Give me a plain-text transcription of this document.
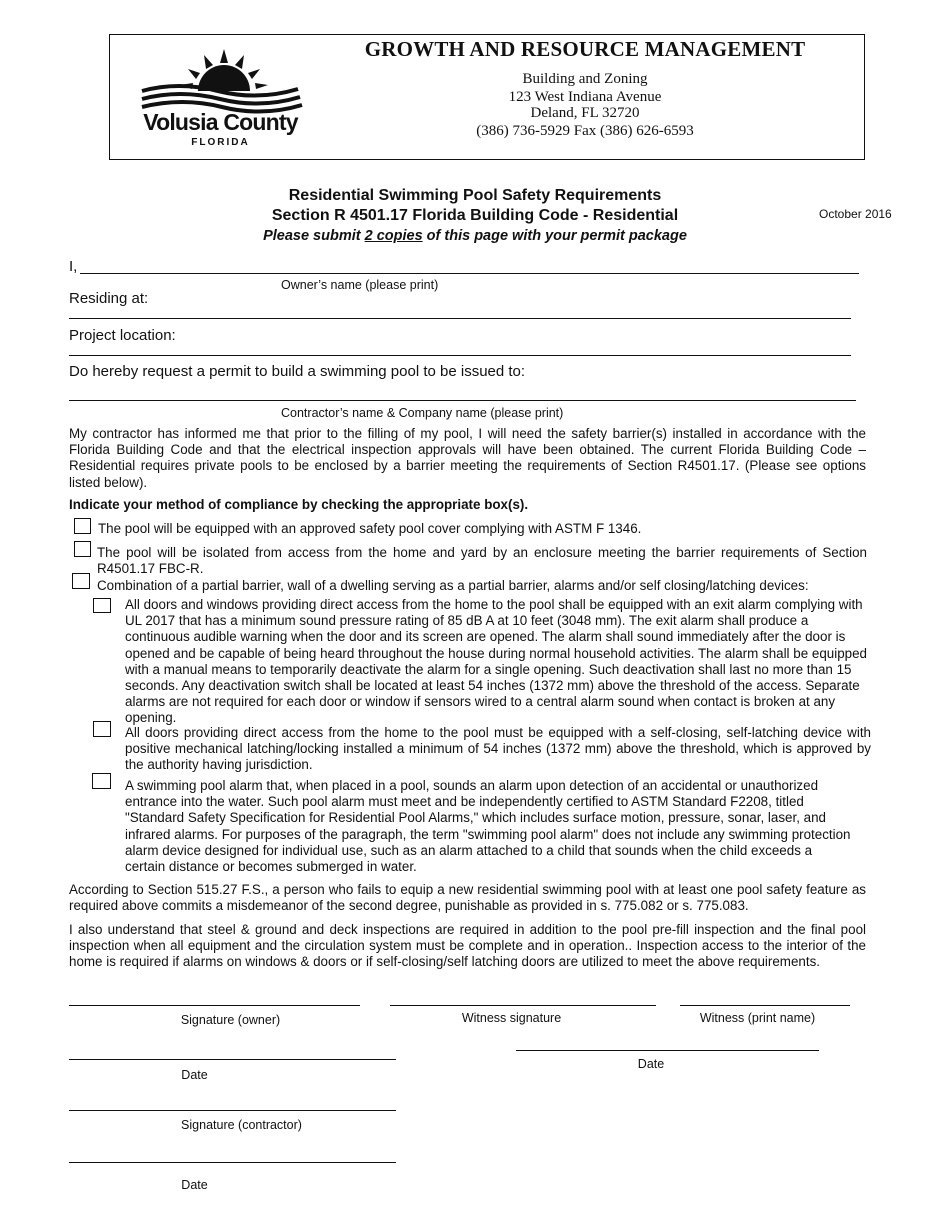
Volusia County
FLORIDA
GROWTH AND RESOURCE MANAGEMENT
Building and Zoning
123 West Indiana Avenue
Deland, FL 32720
(386) 736-5929 Fax (386) 626-6593
Residential Swimming Pool Safety Requirements
Section R 4501.17 Florida Building Code - Residential
Please submit 2 copies of this page with your permit package
October 2016
I,
Owner’s name (please print)
Residing at:
Project location:
Do hereby request a permit to build a swimming pool to be issued to:
Contractor’s name & Company name (please print)
My contractor has informed me that prior to the filling of my pool, I will need the safety barrier(s) installed in accordance with the Florida Building Code and that the electrical inspection approvals will have been obtained. The current Florida Building Code – Residential requires private pools to be enclosed by a barrier meeting the requirements of Section R4501.17. (Please see options listed below).
Indicate your method of compliance by checking the appropriate box(s).
The pool will be equipped with an approved safety pool cover complying with ASTM F 1346.
The pool will be isolated from access from the home and yard by an enclosure meeting the barrier requirements of Section R4501.17 FBC-R.
Combination of a partial barrier, wall of a dwelling serving as a partial barrier, alarms and/or self closing/latching devices:
All doors and windows providing direct access from the home to the pool shall be equipped with an exit alarm complying with UL 2017 that has a minimum sound pressure rating of 85 dB A at 10 feet (3048 mm). The exit alarm shall produce a continuous audible warning when the door and its screen are opened. The alarm shall sound immediately after the door is opened and be capable of being heard throughout the house during normal household activities. The alarm shall be equipped with a manual means to temporarily deactivate the alarm for a single opening. Such deactivation shall last no more than 15 seconds. Any deactivation switch shall be located at least 54 inches (1372 mm) above the threshold of the access. Separate alarms are not required for each door or window if sensors wired to a central alarm sound when contact is broken at any opening.
All doors providing direct access from the home to the pool must be equipped with a self-closing, self-latching device with positive mechanical latching/locking installed a minimum of 54 inches (1372 mm) above the threshold, which is approved by the authority having jurisdiction.
A swimming pool alarm that, when placed in a pool, sounds an alarm upon detection of an accidental or unauthorized entrance into the water. Such pool alarm must meet and be independently certified to ASTM Standard F2208, titled "Standard Safety Specification for Residential Pool Alarms," which includes surface motion, pressure, sonar, laser, and infrared alarms. For purposes of the paragraph, the term "swimming pool alarm" does not include any swimming protection alarm device designed for individual use, such as an alarm attached to a child that sounds when the child exceeds a certain distance or becomes submerged in water.
According to Section 515.27 F.S., a person who fails to equip a new residential swimming pool with at least one pool safety feature as required above commits a misdemeanor of the second degree, punishable as provided in s. 775.082 or s. 775.083.
I also understand that steel & ground and deck inspections are required in addition to the pool pre-fill inspection and the final pool inspection when all equipment and the circulation system must be complete and in operation.. Inspection access to the interior of the home is required if alarms on windows & doors or if self-closing/self latching doors are utilized to meet the above requirements.
Signature (owner)	Witness signature	Witness (print name)
Date
Date
Signature (contractor)
Date
